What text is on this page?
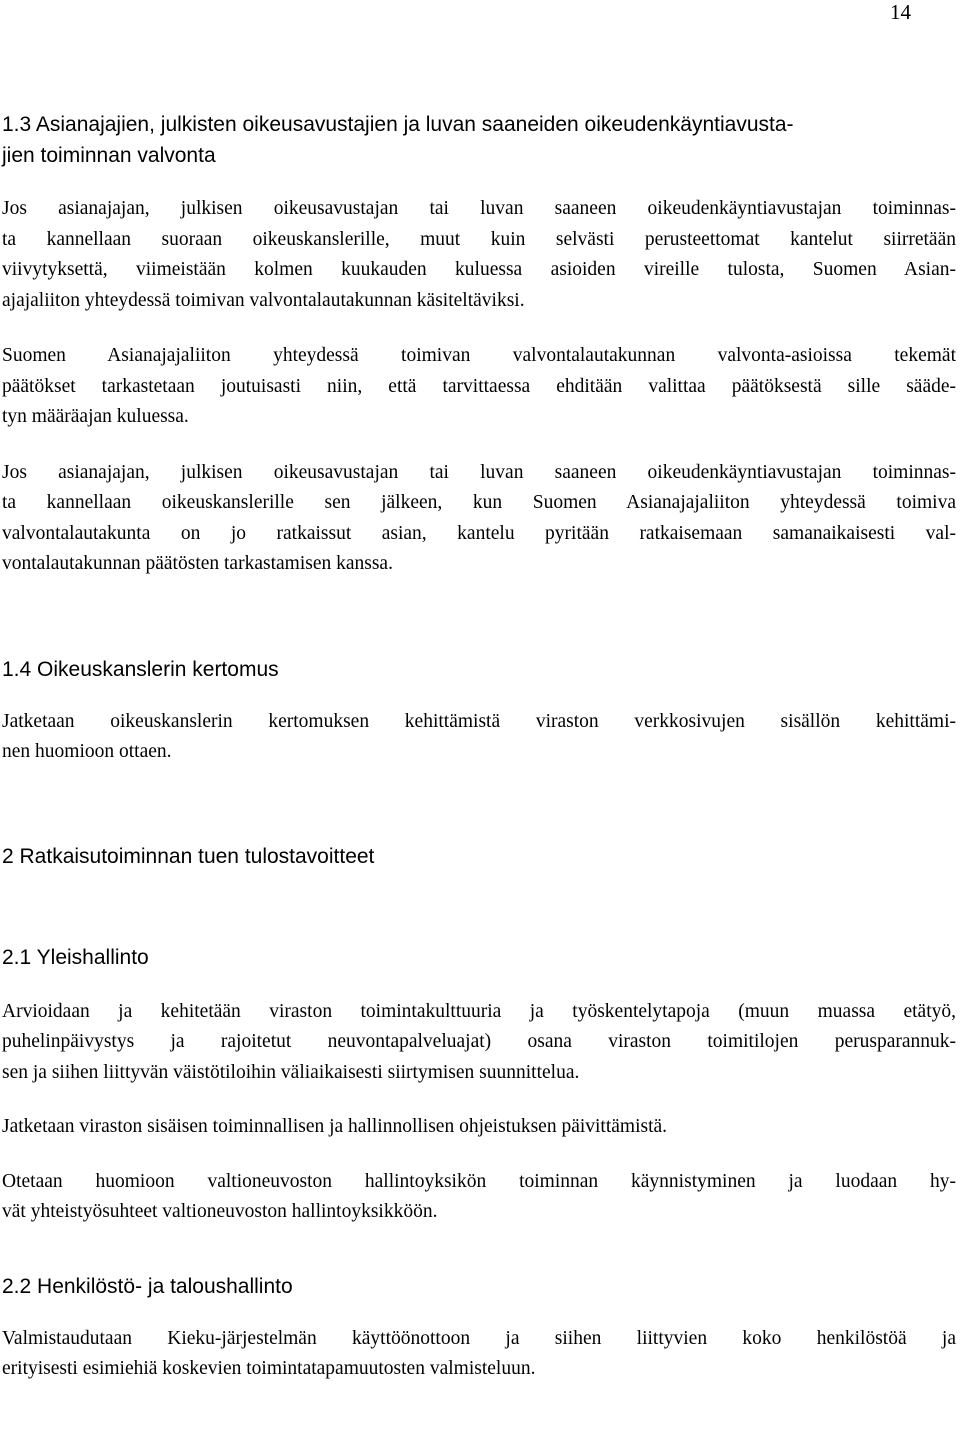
14
1.3 Asianajajien, julkisten oikeusavustajien ja luvan saaneiden oikeudenkäyntiavusta-
jien toiminnan valvonta

Jos asianajajan, julkisen oikeusavustajan tai luvan saaneen oikeudenkäyntiavustajan toiminnas-
ta kannellaan suoraan oikeuskanslerille, muut kuin selvästi perusteettomat kantelut siirretään
viivytyksettä, viimeistään kolmen kuukauden kuluessa asioiden vireille tulosta, Suomen Asian-
ajajaliiton yhteydessä toimivan valvontalautakunnan käsiteltäviksi.

Suomen Asianajajaliiton yhteydessä toimivan valvontalautakunnan valvonta-asioissa tekemät
päätökset tarkastetaan joutuisasti niin, että tarvittaessa ehditään valittaa päätöksestä sille sääde-
tyn määräajan kuluessa.

Jos asianajajan, julkisen oikeusavustajan tai luvan saaneen oikeudenkäyntiavustajan toiminnas-
ta kannellaan oikeuskanslerille sen jälkeen, kun Suomen Asianajajaliiton yhteydessä toimiva
valvontalautakunta on jo ratkaissut asian, kantelu pyritään ratkaisemaan samanaikaisesti val-
vontalautakunnan päätösten tarkastamisen kanssa.

1.4 Oikeuskanslerin kertomus

Jatketaan oikeuskanslerin kertomuksen kehittämistä viraston verkkosivujen sisällön kehittämi-
nen huomioon ottaen.

2 Ratkaisutoiminnan tuen tulostavoitteet
2.1 Yleishallinto

Arvioidaan ja kehitetään viraston toimintakulttuuria ja työskentelytapoja (muun muassa etätyö,
puhelinpäivystys ja rajoitetut neuvontapalveluajat) osana viraston toimitilojen perusparannuk-
sen ja siihen liittyvän väistötiloihin väliaikaisesti siirtymisen suunnittelua.

Jatketaan viraston sisäisen toiminnallisen ja hallinnollisen ohjeistuksen päivittämistä.

Otetaan huomioon valtioneuvoston hallintoyksikön toiminnan käynnistyminen ja luodaan hy-
vät yhteistyösuhteet valtioneuvoston hallintoyksikköön.

2.2 Henkilöstö- ja taloushallinto

Valmistaudutaan Kieku-järjestelmän käyttöönottoon ja siihen liittyvien koko henkilöstöä ja
erityisesti esimiehiä koskevien toimintatapamuutosten valmisteluun.
